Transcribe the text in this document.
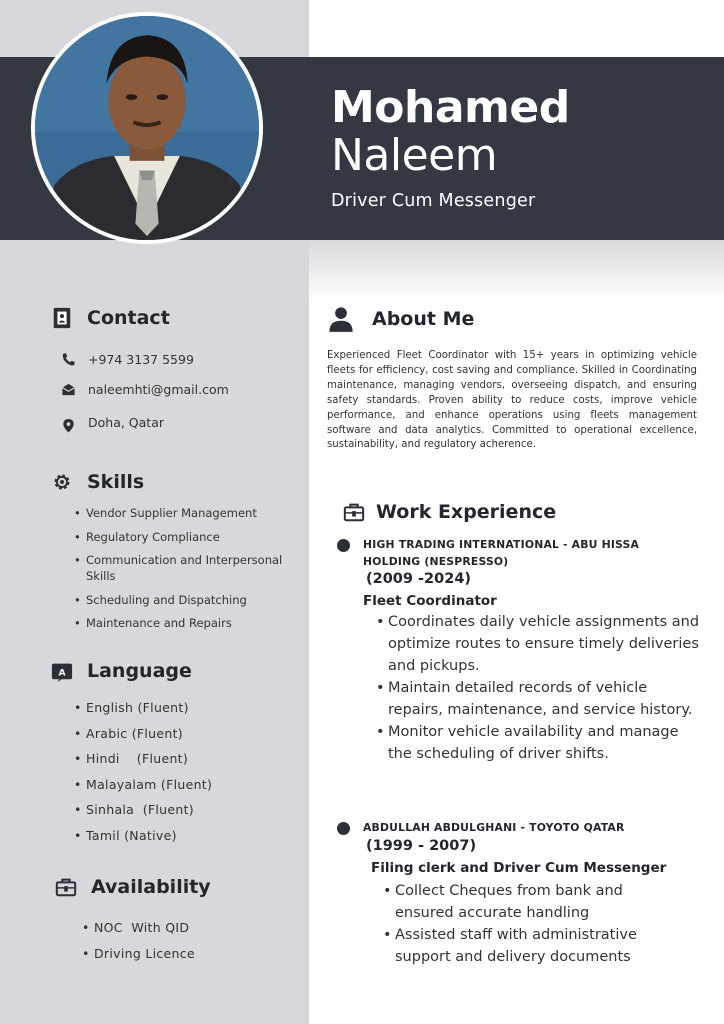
Mohamed
Naleem
Driver Cum Messenger
Contact
+974 3137 5599
naleemhti@gmail.com
Doha, Qatar
Skills
• Vendor Supplier Management
• Regulatory Compliance
• Communication and Interpersonal Skills
• Scheduling and Dispatching
• Maintenance and Repairs
A Language
• English (Fluent)
• Arabic (Fluent)
• Hindi    (Fluent)
• Malayalam (Fluent)
• Sinhala  (Fluent)
• Tamil (Native)
Availability
• NOC  With QID
• Driving Licence
About Me
Experienced Fleet Coordinator with 15+ years in optimizing vehicle fleets for efficiency, cost saving and compliance. Skilled in Coordinating maintenance, managing vendors, overseeing dispatch, and ensuring safety standards. Proven ability to reduce costs, improve vehicle performance, and enhance operations using fleets management software and data analytics. Committed to operational excellence, sustainability, and regulatory acherence.
Work Experience
HIGH TRADING INTERNATIONAL - ABU HISSA HOLDING (NESPRESSO)
(2009 -2024)
Fleet Coordinator
• Coordinates daily vehicle assignments and optimize routes to ensure timely deliveries and pickups.
• Maintain detailed records of vehicle repairs, maintenance, and service history.
• Monitor vehicle availability and manage the scheduling of driver shifts.
ABDULLAH ABDULGHANI - TOYOTO QATAR
(1999 - 2007)
Filing clerk and Driver Cum Messenger
• Collect Cheques from bank and ensured accurate handling
• Assisted staff with administrative support and delivery documents
